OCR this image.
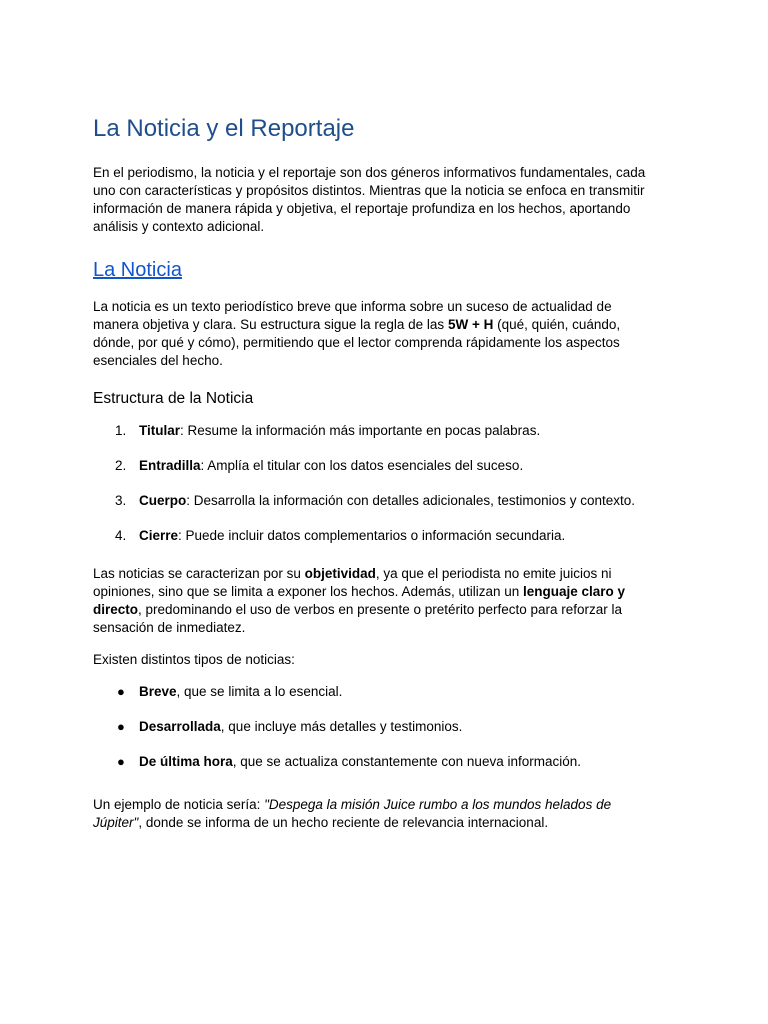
La Noticia y el Reportaje

En el periodismo, la noticia y el reportaje son dos géneros informativos fundamentales, cada uno con características y propósitos distintos. Mientras que la noticia se enfoca en transmitir información de manera rápida y objetiva, el reportaje profundiza en los hechos, aportando análisis y contexto adicional.

La Noticia

La noticia es un texto periodístico breve que informa sobre un suceso de actualidad de manera objetiva y clara. Su estructura sigue la regla de las 5W + H (qué, quién, cuándo, dónde, por qué y cómo), permitiendo que el lector comprenda rápidamente los aspectos esenciales del hecho.

Estructura de la Noticia
1. Titular: Resume la información más importante en pocas palabras.
2. Entradilla: Amplía el titular con los datos esenciales del suceso.
3. Cuerpo: Desarrolla la información con detalles adicionales, testimonios y contexto.
4. Cierre: Puede incluir datos complementarios o información secundaria.

Las noticias se caracterizan por su objetividad, ya que el periodista no emite juicios ni opiniones, sino que se limita a exponer los hechos. Además, utilizan un lenguaje claro y directo, predominando el uso de verbos en presente o pretérito perfecto para reforzar la sensación de inmediatez.

Existen distintos tipos de noticias:

● Breve, que se limita a lo esencial.
● Desarrollada, que incluye más detalles y testimonios.
● De última hora, que se actualiza constantemente con nueva información.

Un ejemplo de noticia sería: "Despega la misión Juice rumbo a los mundos helados de Júpiter", donde se informa de un hecho reciente de relevancia internacional.
